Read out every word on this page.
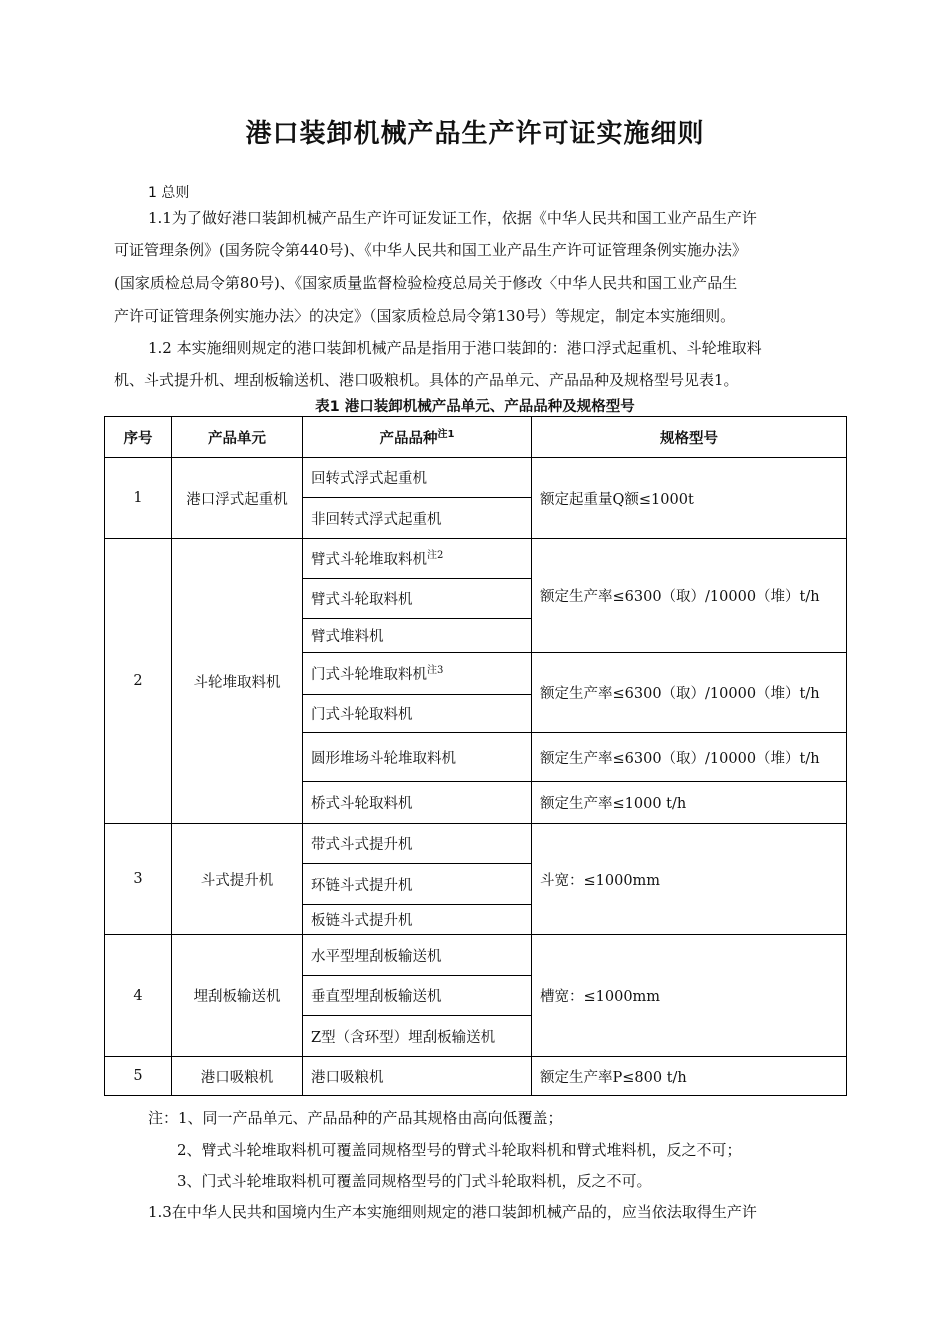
港口装卸机械产品生产许可证实施细则
1 总则
1.1为了做好港口装卸机械产品生产许可证发证工作，依据《中华人民共和国工业产品生产许
可证管理条例》(国务院令第440号)、《中华人民共和国工业产品生产许可证管理条例实施办法》
(国家质检总局令第80号)、《国家质量监督检验检疫总局关于修改〈中华人民共和国工业产品生
产许可证管理条例实施办法〉的决定》（国家质检总局令第130号）等规定，制定本实施细则。
1.2 本实施细则规定的港口装卸机械产品是指用于港口装卸的：港口浮式起重机、斗轮堆取料
机、斗式提升机、埋刮板输送机、港口吸粮机。具体的产品单元、产品品种及规格型号见表1。
表1 港口装卸机械产品单元、产品品种及规格型号
序号	产品单元	产品品种$^{注1}$	规格型号
1	港口浮式起重机	回转式浮式起重机	额定起重量Q额≤1000t
		非回转式浮式起重机	
2	斗轮堆取料机	臂式斗轮堆取料机$^{注2}$	额定生产率≤6300（取）/10000（堆）t/h
		臂式斗轮取料机	
		臂式堆料机	
		门式斗轮堆取料机$^{注3}$	额定生产率≤6300（取）/10000（堆）t/h
		门式斗轮取料机	
		圆形堆场斗轮堆取料机	额定生产率≤6300（取）/10000（堆）t/h
		桥式斗轮取料机	额定生产率≤1000 t/h
3	斗式提升机	带式斗式提升机	斗宽：≤1000mm
		环链斗式提升机	
		板链斗式提升机	
4	埋刮板输送机	水平型埋刮板输送机	槽宽：≤1000mm
		垂直型埋刮板输送机	
		Z型（含环型）埋刮板输送机	
5	港口吸粮机	港口吸粮机	额定生产率P≤800 t/h
注：1、同一产品单元、产品品种的产品其规格由高向低覆盖；
2、臂式斗轮堆取料机可覆盖同规格型号的臂式斗轮取料机和臂式堆料机，反之不可；
3、门式斗轮堆取料机可覆盖同规格型号的门式斗轮取料机，反之不可。
1.3在中华人民共和国境内生产本实施细则规定的港口装卸机械产品的，应当依法取得生产许
